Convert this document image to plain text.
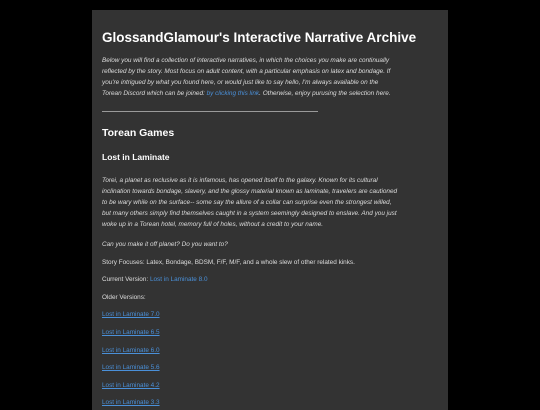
GlossandGlamour's Interactive Narrative Archive

Below you will find a collection of interactive narratives, in which the choices you make are continually reflected by the story. Most focus on adult content, with a particular emphasis on latex and bondage. If you're intrigued by what you found here, or would just like to say hello, I'm always available on the Torean Discord which can be joined: by clicking this link. Otherwise, enjoy purusing the selection here.

Torean Games
Lost in Laminate

Torei, a planet as reclusive as it is infamous, has opened itself to the galaxy. Known for its cultural inclination towards bondage, slavery, and the glossy material known as laminate, travelers are cautioned to be wary while on the surface-- some say the allure of a collar can surprise even the strongest willed, but many others simply find themselves caught in a system seemingly designed to enslave. And you just woke up in a Torean hotel, memory full of holes, without a credit to your name.

Can you make it off planet? Do you want to?

Story Focuses: Latex, Bondage, BDSM, F/F, M/F, and a whole slew of other related kinks.

Current Version: Lost in Laminate 8.0

Older Versions:

Lost in Laminate 7.0
Lost in Laminate 6.5
Lost in Laminate 6.0
Lost in Laminate 5.6
Lost in Laminate 4.2
Lost in Laminate 3.3
